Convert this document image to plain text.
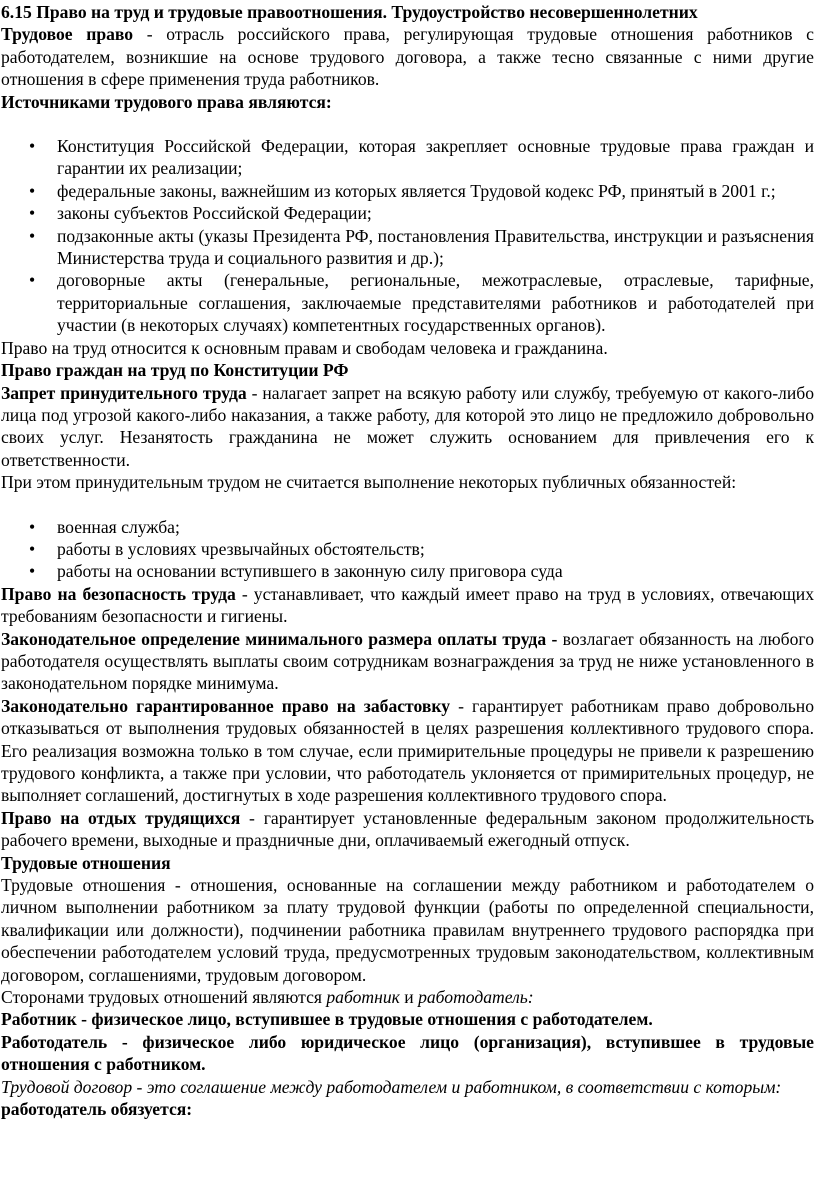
6.15 Право на труд и трудовые правоотношения. Трудоустройство несовершеннолетних

Трудовое право - отрасль российского права, регулирующая трудовые отношения работников с работодателем, возникшие на основе трудового договора, а также тесно связанные с ними другие отношения в сфере применения труда работников.

Источниками трудового права являются:

• Конституция Российской Федерации, которая закрепляет основные трудовые права граждан и гарантии их реализации;
• федеральные законы, важнейшим из которых является Трудовой кодекс РФ, принятый в 2001 г.;
• законы субъектов Российской Федерации;
• подзаконные акты (указы Президента РФ, постановления Правительства, инструкции и разъяснения Министерства труда и социального развития и др.);
• договорные акты (генеральные, региональные, межотраслевые, отраслевые, тарифные, территориальные соглашения, заключаемые представителями работников и работодателей при участии (в некоторых случаях) компетентных государственных органов).

Право на труд относится к основным правам и свободам человека и гражданина.

Право граждан на труд по Конституции РФ

Запрет принудительного труда - налагает запрет на всякую работу или службу, требуемую от какого-либо лица под угрозой какого-либо наказания, а также работу, для которой это лицо не предложило добровольно своих услуг. Незанятость гражданина не может служить основанием для привлечения его к ответственности.

При этом принудительным трудом не считается выполнение некоторых публичных обязанностей:

• военная служба;
• работы в условиях чрезвычайных обстоятельств;
• работы на основании вступившего в законную силу приговора суда

Право на безопасность труда - устанавливает, что каждый имеет право на труд в условиях, отвечающих требованиям безопасности и гигиены.

Законодательное определение минимального размера оплаты труда - возлагает обязанность на любого работодателя осуществлять выплаты своим сотрудникам вознаграждения за труд не ниже установленного в законодательном порядке минимума.

Законодательно гарантированное право на забастовку - гарантирует работникам право добровольно отказываться от выполнения трудовых обязанностей в целях разрешения коллективного трудового спора. Его реализация возможна только в том случае, если примирительные процедуры не привели к разрешению трудового конфликта, а также при условии, что работодатель уклоняется от примирительных процедур, не выполняет соглашений, достигнутых в ходе разрешения коллективного трудового спора.

Право на отдых трудящихся - гарантирует установленные федеральным законом продолжительность рабочего времени, выходные и праздничные дни, оплачиваемый ежегодный отпуск.

Трудовые отношения

Трудовые отношения - отношения, основанные на соглашении между работником и работодателем о личном выполнении работником за плату трудовой функции (работы по определенной специальности, квалификации или должности), подчинении работника правилам внутреннего трудового распорядка при обеспечении работодателем условий труда, предусмотренных трудовым законодательством, коллективным договором, соглашениями, трудовым договором.

Сторонами трудовых отношений являются работник и работодатель:

Работник - физическое лицо, вступившее в трудовые отношения с работодателем.

Работодатель - физическое либо юридическое лицо (организация), вступившее в трудовые отношения с работником.

Трудовой договор - это соглашение между работодателем и работником, в соответствии с которым:

работодатель обязуется:
